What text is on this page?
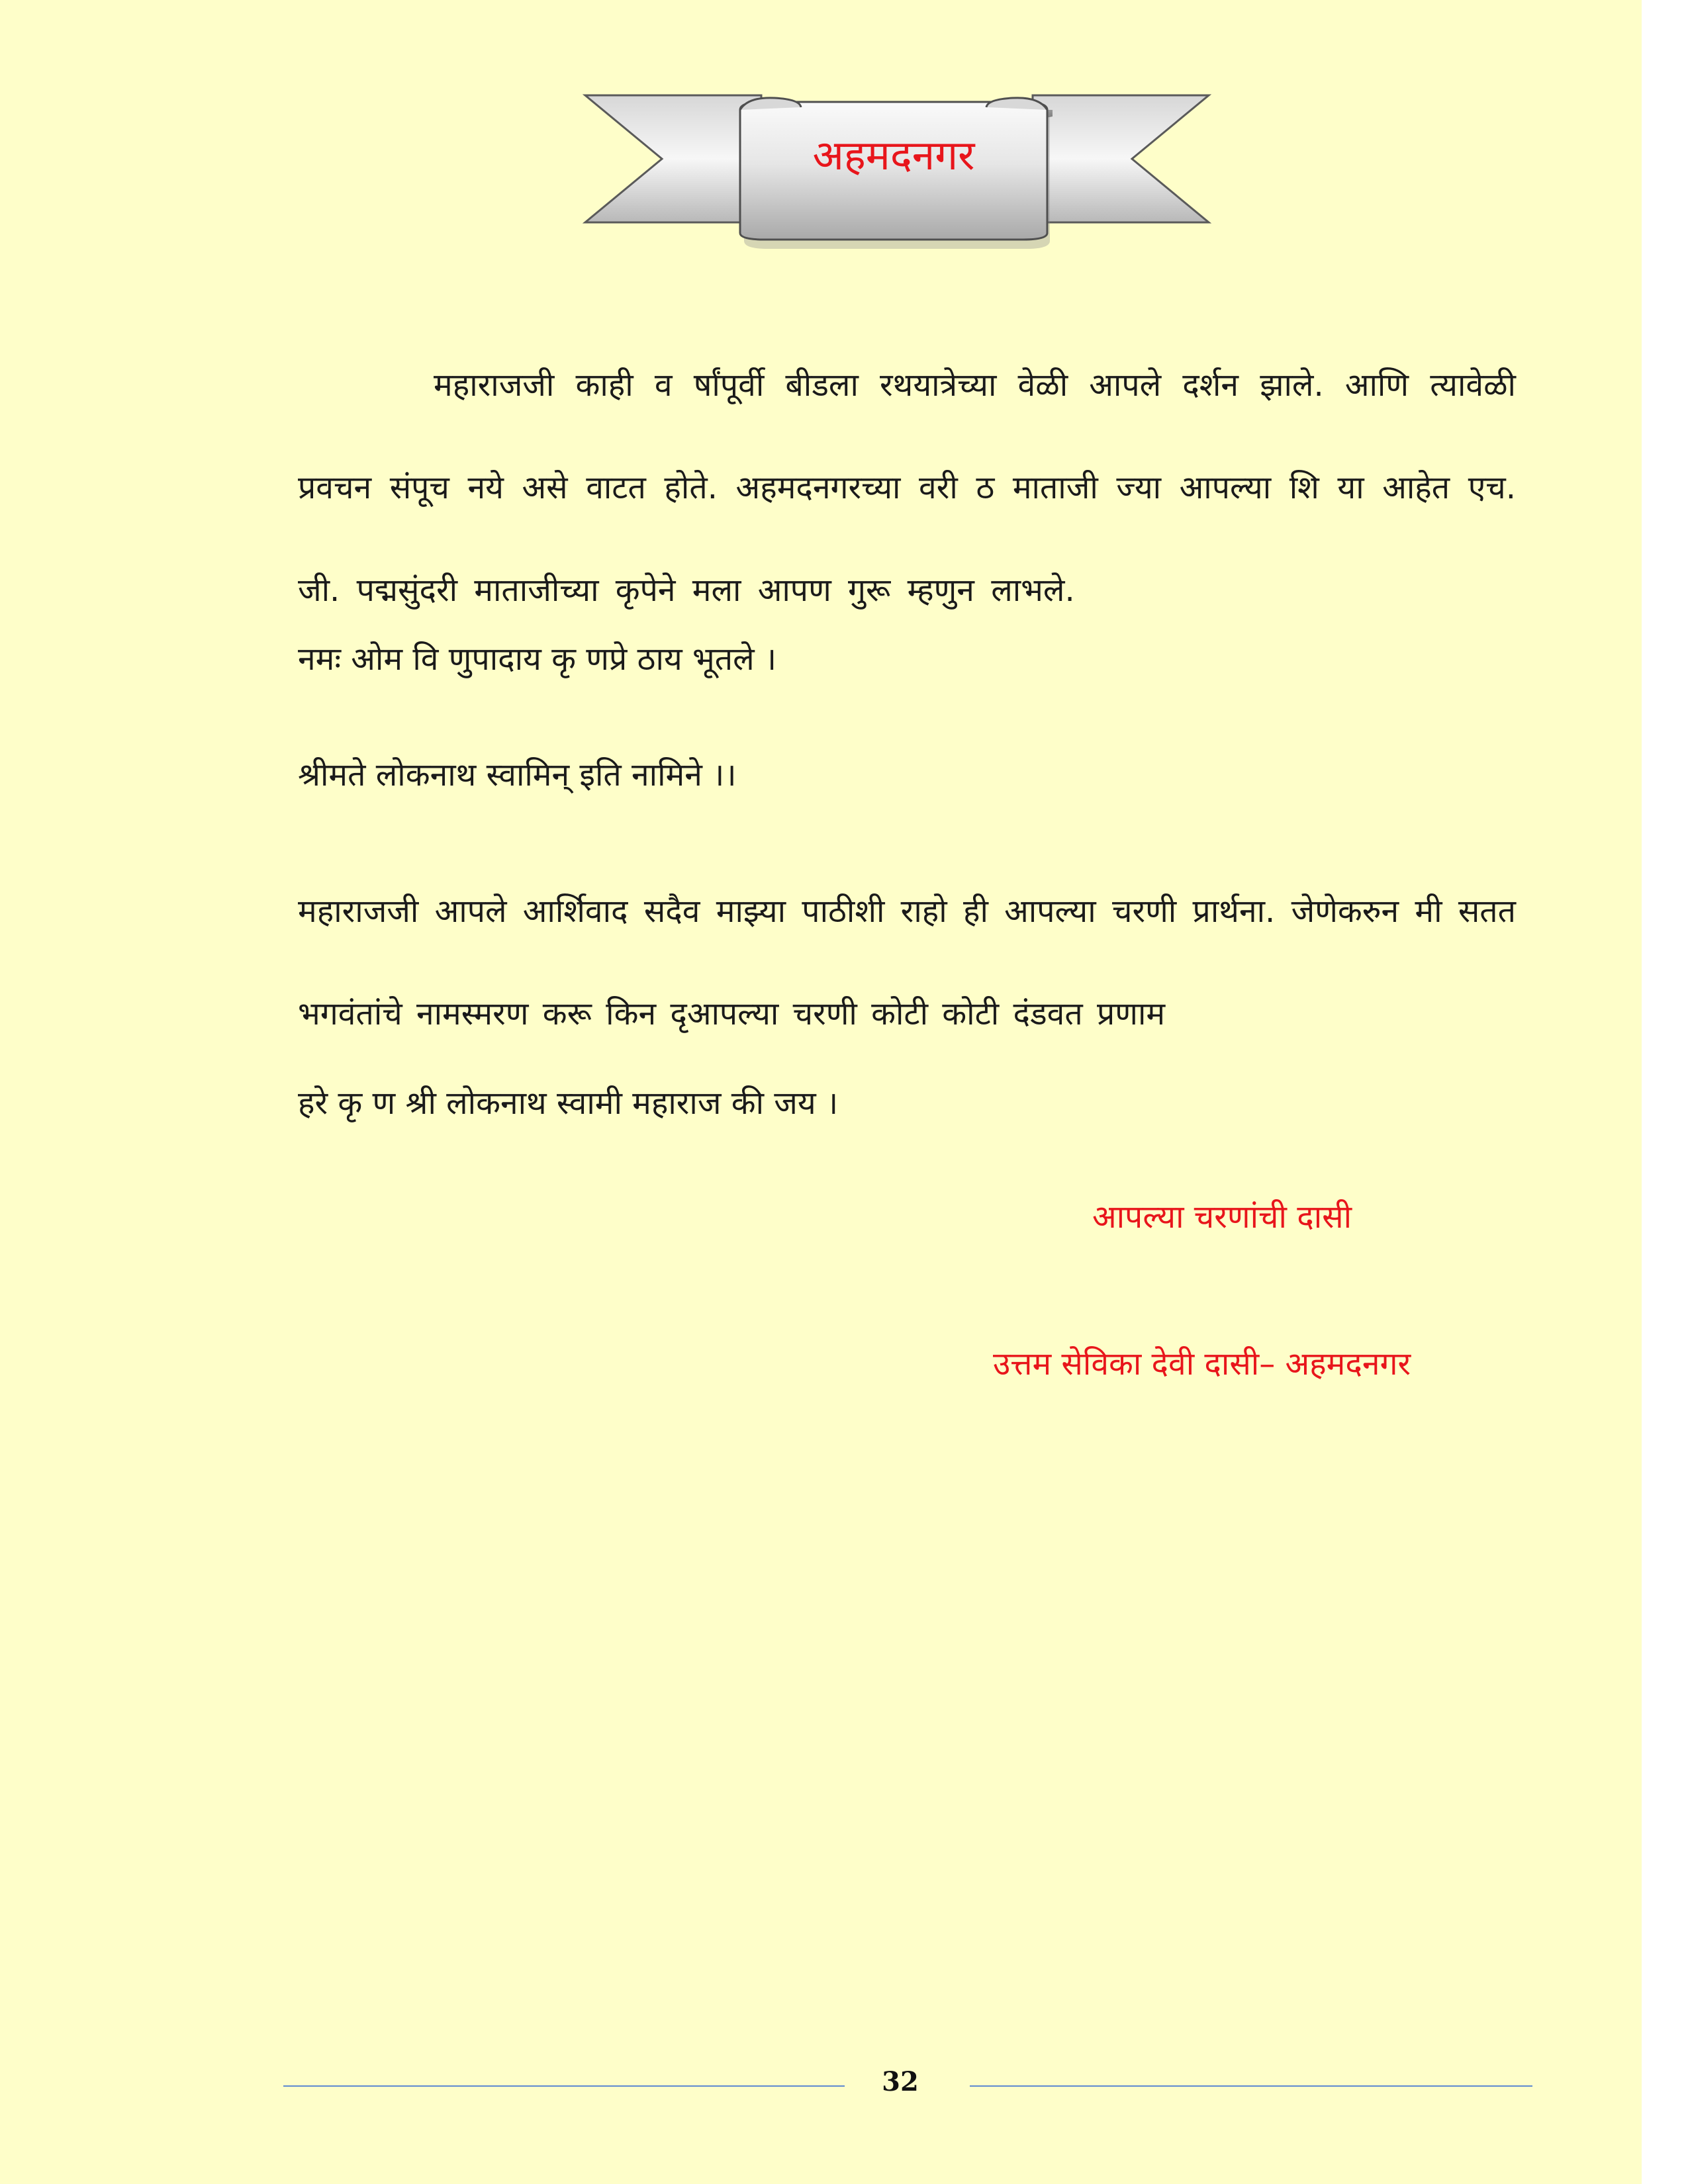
अहमदनगर
महाराजजी काही व र्षांपूर्वी बीडला रथयात्रेच्या वेळी आपले दर्शन झाले. आणि त्यावेळी प्रवचन संपूच नये असे वाटत होते. अहमदनगरच्या वरी ठ माताजी ज्या आपल्या शि या आहेत एच. जी. पद्मसुंदरी माताजीच्या कृपेने मला आपण गुरू म्हणुन लाभले.
नमः ओम वि णुपादाय कृ णप्रे ठाय भूतले ।
श्रीमते लोकनाथ स्वामिन् इति नामिने ।।
महाराजजी आपले आर्शिवाद सदैव माझ्या पाठीशी राहो ही आपल्या चरणी प्रार्थना. जेणेकरुन मी सतत भगवंतांचे नामस्मरण करू किन दृआपल्या चरणी कोटी कोटी दंडवत प्रणाम
हरे कृ ण श्री लोकनाथ स्वामी महाराज की जय ।
आपल्या चरणांची दासी
उत्तम सेविका देवी दासी– अहमदनगर
32
